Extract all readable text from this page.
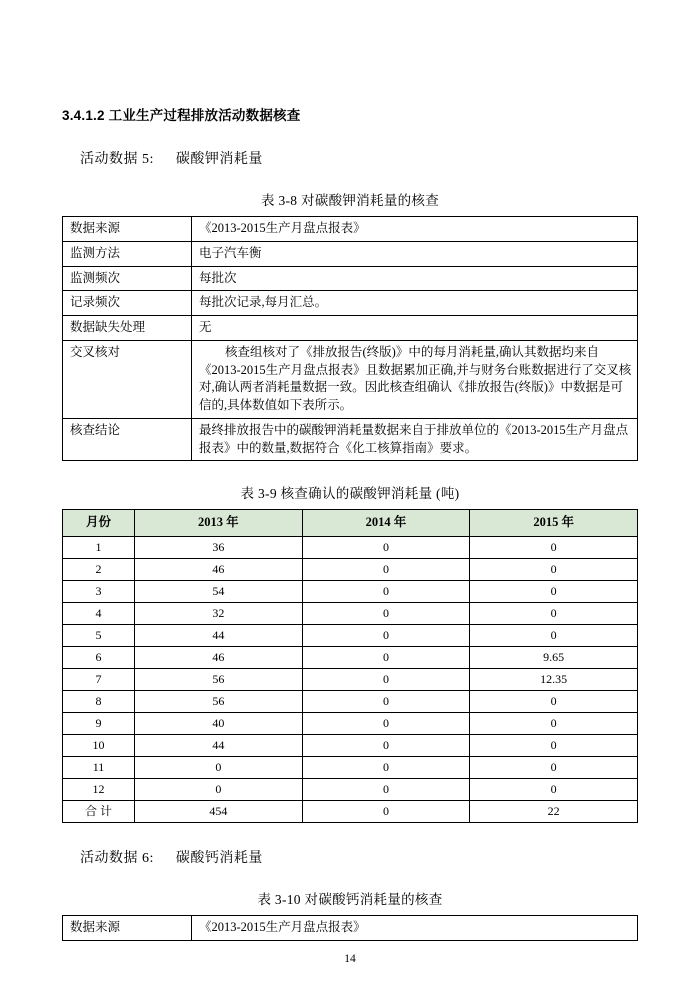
3.4.1.2 工业生产过程排放活动数据核查
活动数据 5: 碳酸钾消耗量
表 3-8 对碳酸钾消耗量的核查
数据来源	《2013-2015生产月盘点报表》
监测方法	电子汽车衡
监测频次	每批次
记录频次	每批次记录,每月汇总。
数据缺失处理	无
交叉核对	核查组核对了《排放报告(终版)》中的每月消耗量,确认其数据均来自《2013-2015生产月盘点报表》且数据累加正确,并与财务台账数据进行了交叉核对,确认两者消耗量数据一致。因此核查组确认《排放报告(终版)》中数据是可信的,具体数值如下表所示。

核查结论	最终排放报告中的碳酸钾消耗量数据来自于排放单位的《2013-2015生产月盘点报表》中的数量,数据符合《化工核算指南》要求。

表 3-9 核查确认的碳酸钾消耗量 (吨)
月份	2013 年	2014 年	2015 年
1	36	0	0
2	46	0	0
3	54	0	0
4	32	0	0
5	44	0	0
6	46	0	9.65
7	56	0	12.35
8	56	0	0
9	40	0	0
10	44	0	0
11	0	0	0
12	0	0	0
合 计	454	0	22
活动数据 6: 碳酸钙消耗量
表 3-10 对碳酸钙消耗量的核查
数据来源	《2013-2015生产月盘点报表》
14
